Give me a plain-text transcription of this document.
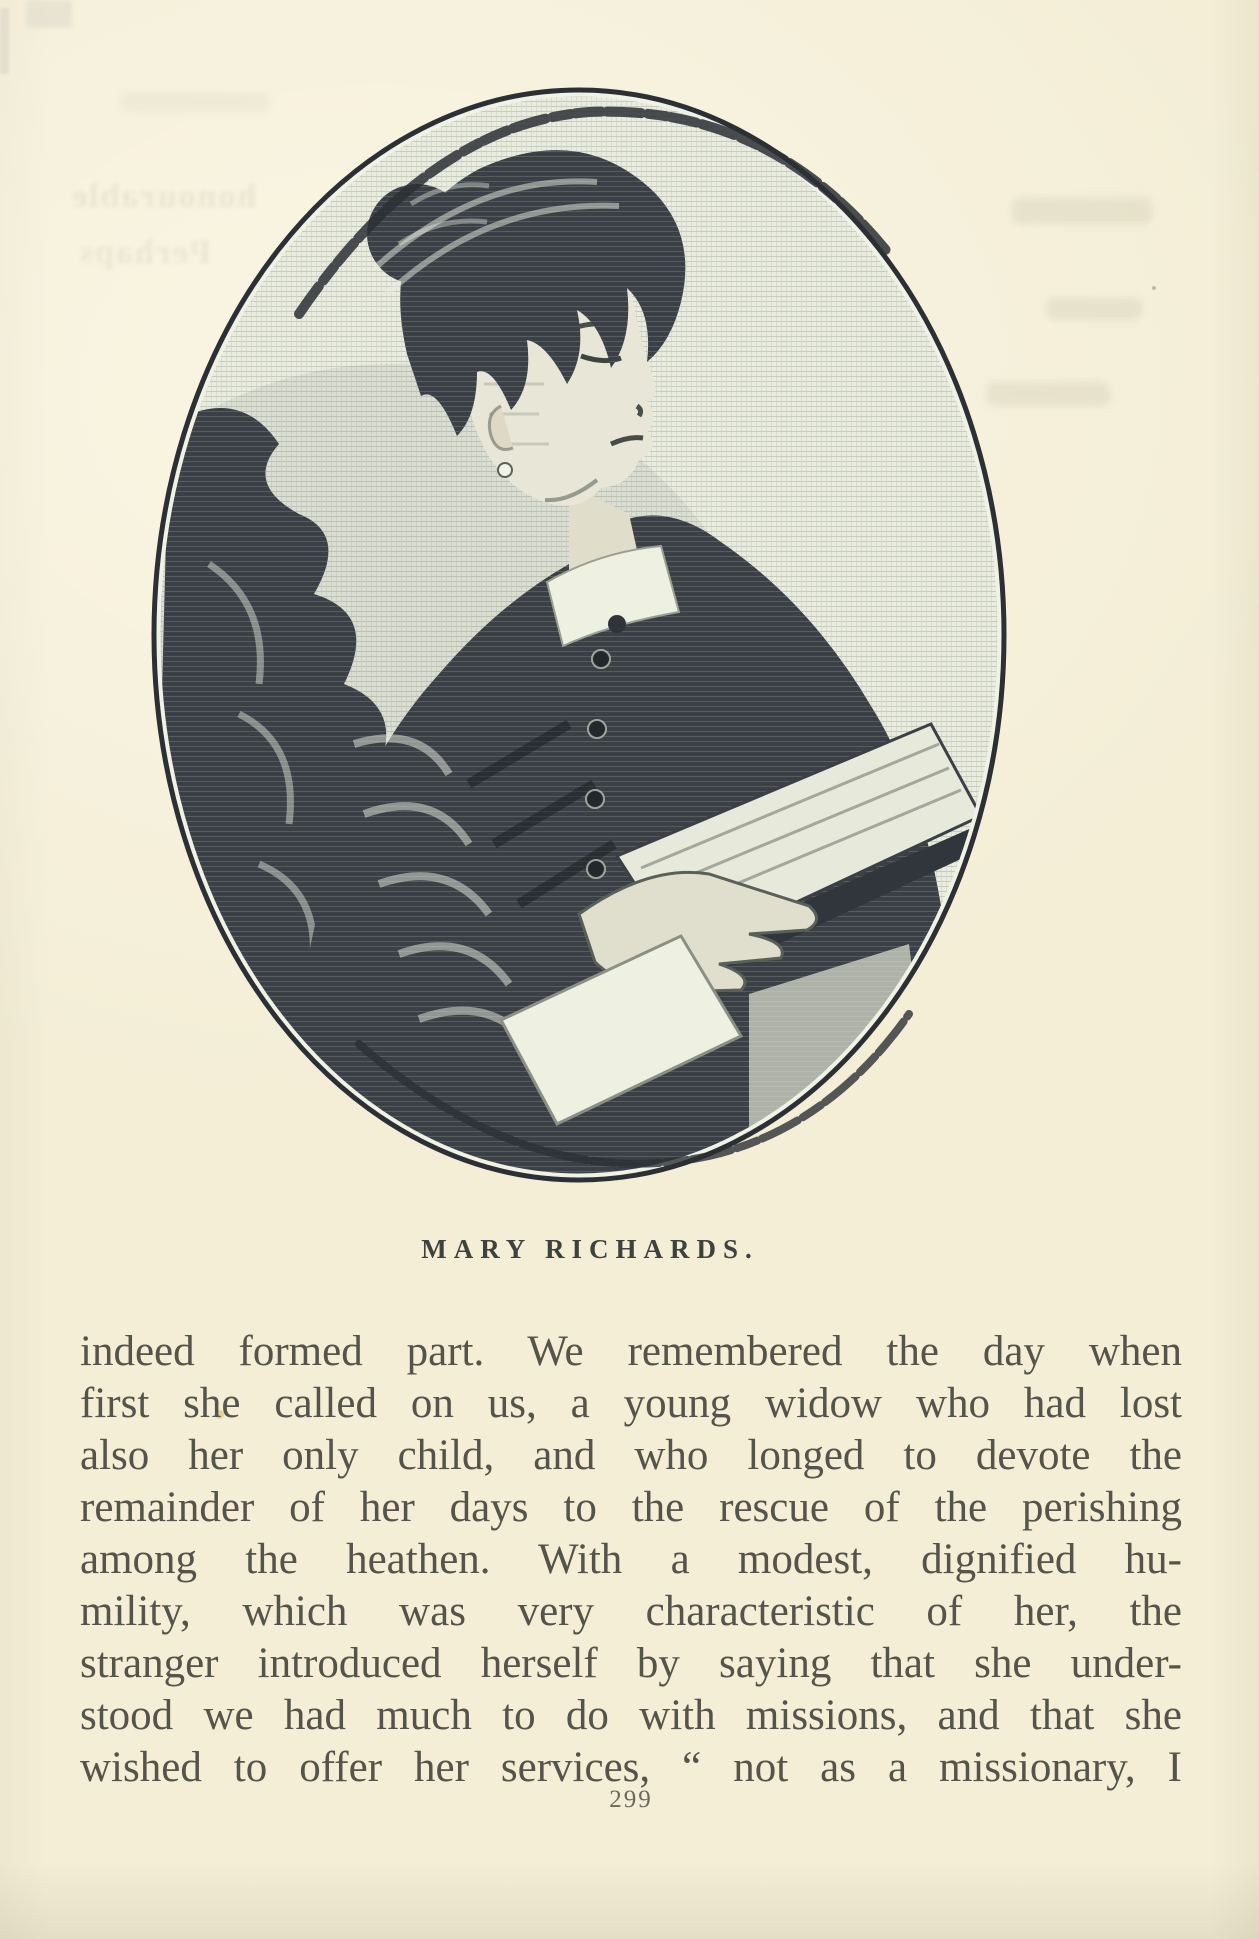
honourable
Perhaps
MARY RICHARDS.
indeed formed part. We remembered the day when
first she called on us, a young widow who had lost
also her only child, and who longed to devote the
remainder of her days to the rescue of the perishing
among the heathen. With a modest, dignified hu-
mility, which was very characteristic of her, the
stranger introduced herself by saying that she under-
stood we had much to do with missions, and that she
wished to offer her services, “ not as a missionary, I
299
